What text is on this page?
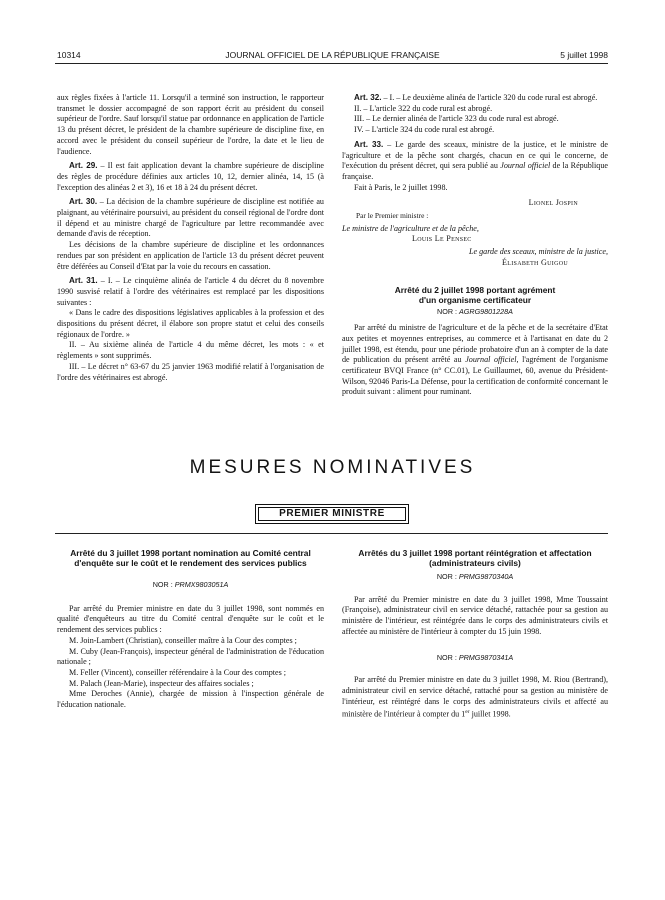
10314	JOURNAL OFFICIEL DE LA RÉPUBLIQUE FRANÇAISE	5 juillet 1998

aux règles fixées à l'article 11. Lorsqu'il a terminé son instruction, le rapporteur transmet le dossier accompagné de son rapport écrit au président du conseil supérieur de l'ordre. Sauf lorsqu'il statue par ordonnance en application de l'article 13 du présent décret, le président de la chambre supérieure de discipline fixe, en accord avec le président du conseil supérieur de l'ordre, la date et le lieu de l'audience.

Art. 29. – Il est fait application devant la chambre supérieure de discipline des règles de procédure définies aux articles 10, 12, dernier alinéa, 14, 15 (à l'exception des alinéas 2 et 3), 16 et 18 à 24 du présent décret.

Art. 30. – La décision de la chambre supérieure de discipline est notifiée au plaignant, au vétérinaire poursuivi, au président du conseil régional de l'ordre dont il dépend et au ministre chargé de l'agriculture par lettre recommandée avec demande d'avis de réception.

Les décisions de la chambre supérieure de discipline et les ordonnances rendues par son président en application de l'article 13 du présent décret peuvent être déférées au Conseil d'Etat par la voie du recours en cassation.

Art. 31. – I. – Le cinquième alinéa de l'article 4 du décret du 8 novembre 1990 susvisé relatif à l'ordre des vétérinaires est remplacé par les dispositions suivantes :

« Dans le cadre des dispositions législatives applicables à la profession et des dispositions du présent décret, il élabore son propre statut et celui des conseils régionaux de l'ordre. »

II. – Au sixième alinéa de l'article 4 du même décret, les mots : « et règlements » sont supprimés.

III. – Le décret n° 63-67 du 25 janvier 1963 modifié relatif à l'organisation de l'ordre des vétérinaires est abrogé.

Art. 32. – I. – Le deuxième alinéa de l'article 320 du code rural est abrogé.

II. – L'article 322 du code rural est abrogé.

III. – Le dernier alinéa de l'article 323 du code rural est abrogé.

IV. – L'article 324 du code rural est abrogé.

Art. 33. – Le garde des sceaux, ministre de la justice, et le ministre de l'agriculture et de la pêche sont chargés, chacun en ce qui le concerne, de l'exécution du présent décret, qui sera publié au Journal officiel de la République française.

Fait à Paris, le 2 juillet 1998.

Lionel Jospin
Par le Premier ministre :
Le ministre de l'agriculture et de la pêche,
Louis Le Pensec
Le garde des sceaux, ministre de la justice,
Élisabeth Guigou
Arrêté du 2 juillet 1998 portant agrément
d'un organisme certificateur
NOR : AGRG9801228A

Par arrêté du ministre de l'agriculture et de la pêche et de la secrétaire d'Etat aux petites et moyennes entreprises, au commerce et à l'artisanat en date du 2 juillet 1998, est étendu, pour une période probatoire d'un an à compter de la date de publication du présent arrêté au Journal officiel, l'agrément de l'organisme certificateur BVQI France (n° CC.01), Le Guillaumet, 60, avenue du Président-Wilson, 92046 Paris-La Défense, pour la certification de conformité concernant le produit suivant : aliment pour ruminant.

MESURES NOMINATIVES
PREMIER MINISTRE
Arrêté du 3 juillet 1998 portant nomination au Comité central d'enquête sur le coût et le rendement des services publics
NOR : PRMX9803051A

Par arrêté du Premier ministre en date du 3 juillet 1998, sont nommés en qualité d'enquêteurs au titre du Comité central d'enquête sur le coût et le rendement des services publics :

M. Join-Lambert (Christian), conseiller maître à la Cour des comptes ;

M. Cuby (Jean-François), inspecteur général de l'administration de l'éducation nationale ;

M. Feller (Vincent), conseiller référendaire à la Cour des comptes ;

M. Palach (Jean-Marie), inspecteur des affaires sociales ;

Mme Deroches (Annie), chargée de mission à l'inspection générale de l'éducation nationale.

Arrêtés du 3 juillet 1998 portant réintégration et affectation (administrateurs civils)
NOR : PRMG9870340A

Par arrêté du Premier ministre en date du 3 juillet 1998, Mme Toussaint (Françoise), administrateur civil en service détaché, rattachée pour sa gestion au ministère de l'intérieur, est réintégrée dans le corps des administrateurs civils et affectée au ministère de l'intérieur à compter du 15 juin 1998.

NOR : PRMG9870341A

Par arrêté du Premier ministre en date du 3 juillet 1998, M. Riou (Bertrand), administrateur civil en service détaché, rattaché pour sa gestion au ministère de l'intérieur, est réintégré dans le corps des administrateurs civils et affecté au ministère de l'intérieur à compter du 1er juillet 1998.
